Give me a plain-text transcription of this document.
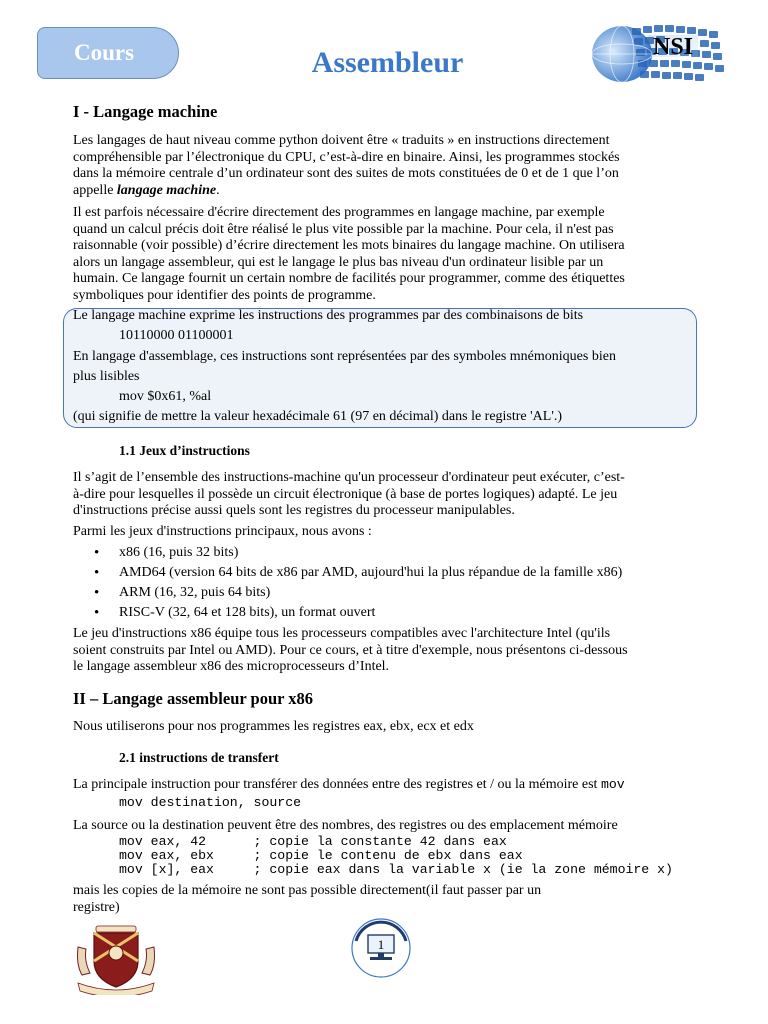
Cours	Assembleur	NSI
I - Langage machine

Les langages de haut niveau comme python doivent être « traduits » en instructions directement

compréhensible par l’électronique du CPU, c’est-à-dire en binaire. Ainsi, les programmes stockés

dans la mémoire centrale d’un ordinateur sont des suites de mots constituées de 0 et de 1 que l’on

appelle langage machine.

Il est parfois nécessaire d'écrire directement des programmes en langage machine, par exemple

quand un calcul précis doit être réalisé le plus vite possible par la machine. Pour cela, il n'est pas

raisonnable (voir possible) d’écrire directement les mots binaires du langage machine. On utilisera

alors un langage assembleur, qui est le langage le plus bas niveau d'un ordinateur lisible par un

humain. Ce langage fournit un certain nombre de facilités pour programmer, comme des étiquettes

symboliques pour identifier des points de programme.

Le langage machine exprime les instructions des programmes par des combinaisons de bits

10110000 01100001

En langage d'assemblage, ces instructions sont représentées par des symboles mnémoniques bien

plus lisibles

mov $0x61, %al

(qui signifie de mettre la valeur hexadécimale 61 (97 en décimal) dans le registre 'AL'.)

1.1 Jeux d’instructions

Il s’agit de l’ensemble des instructions-machine qu'un processeur d'ordinateur peut exécuter, c’est-

à-dire pour lesquelles il possède un circuit électronique (à base de portes logiques) adapté. Le jeu

d'instructions précise aussi quels sont les registres du processeur manipulables.

Parmi les jeux d'instructions principaux, nous avons :

• x86 (16, puis 32 bits)
• AMD64 (version 64 bits de x86 par AMD, aujourd'hui la plus répandue de la famille x86)
• ARM (16, 32, puis 64 bits)
• RISC-V (32, 64 et 128 bits), un format ouvert

Le jeu d'instructions x86 équipe tous les processeurs compatibles avec l'architecture Intel (qu'ils

soient construits par Intel ou AMD). Pour ce cours, et à titre d'exemple, nous présentons ci-dessous

le langage assembleur x86 des microprocesseurs d’Intel.

II – Langage assembleur pour x86

Nous utiliserons pour nos programmes les registres eax, ebx, ecx et edx

2.1 instructions de transfert

La principale instruction pour transférer des données entre des registres et / ou la mémoire est mov

mov destination, source

La source ou la destination peuvent être des nombres, des registres ou des emplacement mémoire

mov eax, 42      ; copie la constante 42 dans eax
mov eax, ebx     ; copie le contenu de ebx dans eax
mov [x], eax     ; copie eax dans la variable x (ie la zone mémoire x)

mais les copies de la mémoire ne sont pas possible directement(il faut passer par un

registre)

1
